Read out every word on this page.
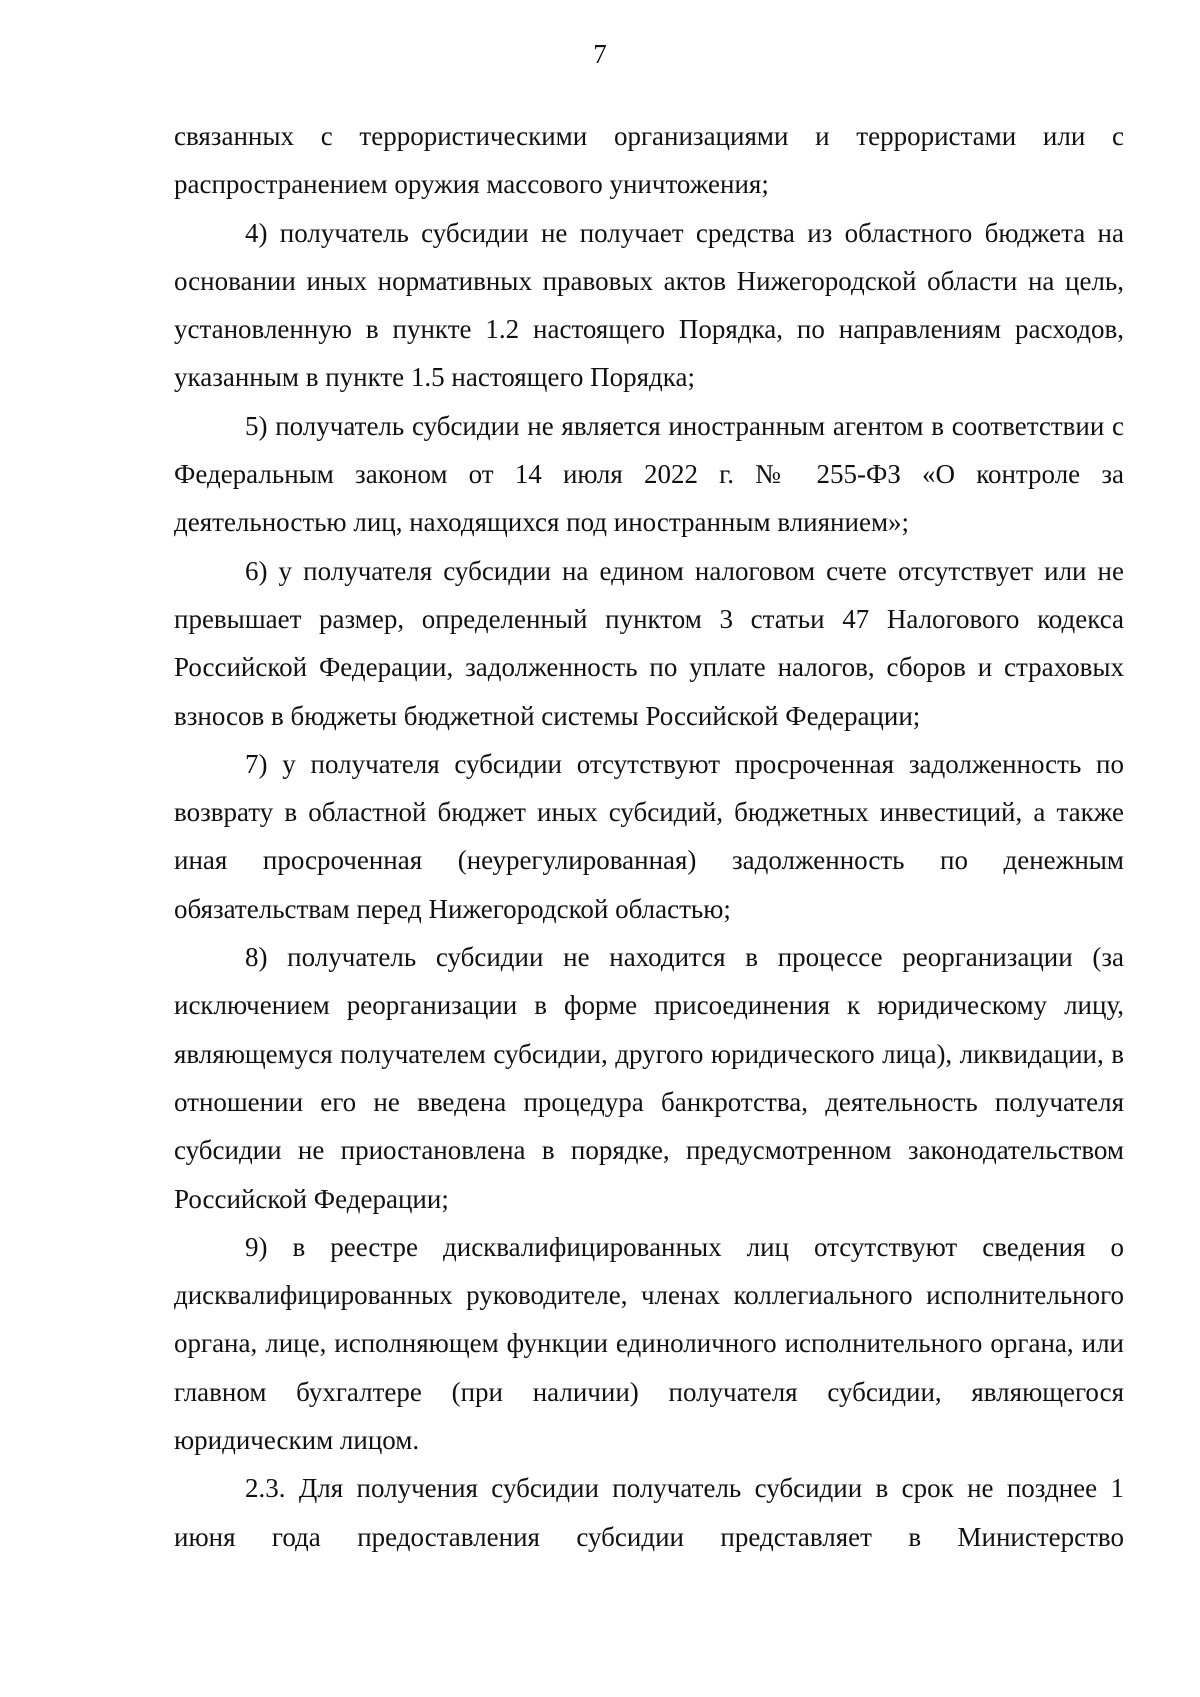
7

связанных с террористическими организациями и террористами или с распространением оружия массового уничтожения;

4) получатель субсидии не получает средства из областного бюджета на основании иных нормативных правовых актов Нижегородской области на цель, установленную в пункте 1.2 настоящего Порядка, по направлениям расходов, указанным в пункте 1.5 настоящего Порядка;

5) получатель субсидии не является иностранным агентом в соответствии с Федеральным законом от 14 июля 2022 г. № 255-ФЗ «О контроле за деятельностью лиц, находящихся под иностранным влиянием»;

6) у получателя субсидии на едином налоговом счете отсутствует или не превышает размер, определенный пунктом 3 статьи 47 Налогового кодекса Российской Федерации, задолженность по уплате налогов, сборов и страховых взносов в бюджеты бюджетной системы Российской Федерации;

7) у получателя субсидии отсутствуют просроченная задолженность по возврату в областной бюджет иных субсидий, бюджетных инвестиций, а также иная просроченная (неурегулированная) задолженность по денежным обязательствам перед Нижегородской областью;

8) получатель субсидии не находится в процессе реорганизации (за исключением реорганизации в форме присоединения к юридическому лицу, являющемуся получателем субсидии, другого юридического лица), ликвидации, в отношении его не введена процедура банкротства, деятельность получателя субсидии не приостановлена в порядке, предусмотренном законодательством Российской Федерации;

9) в реестре дисквалифицированных лиц отсутствуют сведения о дисквалифицированных руководителе, членах коллегиального исполнительного органа, лице, исполняющем функции единоличного исполнительного органа, или главном бухгалтере (при наличии) получателя субсидии, являющегося юридическим лицом.

2.3. Для получения субсидии получатель субсидии в срок не позднее 1 июня года предоставления субсидии представляет в Министерство
